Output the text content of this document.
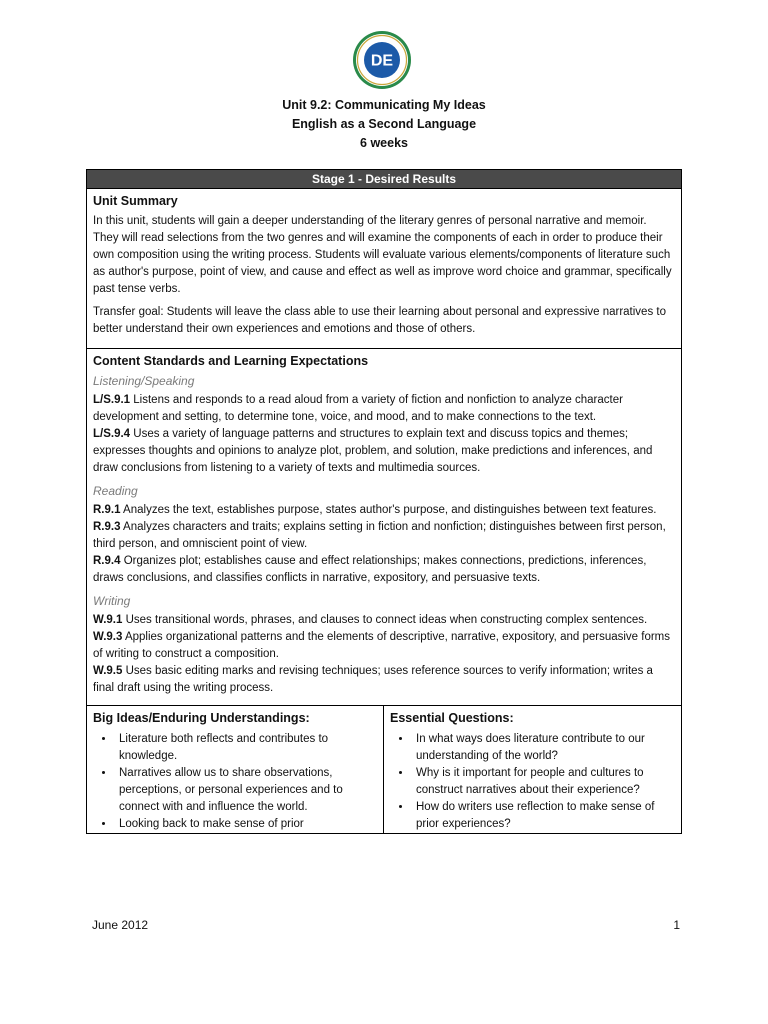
DE
Unit 9.2: Communicating My Ideas
English as a Second Language
6 weeks
Stage 1 - Desired Results
Unit Summary

In this unit, students will gain a deeper understanding of the literary genres of personal narrative and memoir. They will read selections from the two genres and will examine the components of each in order to produce their own composition using the writing process. Students will evaluate various elements/components of literature such as author's purpose, point of view, and cause and effect as well as improve word choice and grammar, specifically past tense verbs.

Transfer goal: Students will leave the class able to use their learning about personal and expressive narratives to better understand their own experiences and emotions and those of others.

Content Standards and Learning Expectations
Listening/Speaking

L/S.9.1 Listens and responds to a read aloud from a variety of fiction and nonfiction to analyze character development and setting, to determine tone, voice, and mood, and to make connections to the text.

L/S.9.4 Uses a variety of language patterns and structures to explain text and discuss topics and themes; expresses thoughts and opinions to analyze plot, problem, and solution, make predictions and inferences, and draw conclusions from listening to a variety of texts and multimedia sources.

Reading

R.9.1 Analyzes the text, establishes purpose, states author's purpose, and distinguishes between text features.

R.9.3 Analyzes characters and traits; explains setting in fiction and nonfiction; distinguishes between first person, third person, and omniscient point of view.

R.9.4 Organizes plot; establishes cause and effect relationships; makes connections, predictions, inferences, draws conclusions, and classifies conflicts in narrative, expository, and persuasive texts.

Writing

W.9.1 Uses transitional words, phrases, and clauses to connect ideas when constructing complex sentences.

W.9.3 Applies organizational patterns and the elements of descriptive, narrative, expository, and persuasive forms of writing to construct a composition.

W.9.5 Uses basic editing marks and revising techniques; uses reference sources to verify information; writes a final draft using the writing process.

Big Ideas/Enduring Understandings:
• Literature both reflects and contributes to knowledge.
• Narratives allow us to share observations, perceptions, or personal experiences and to connect with and influence the world.
• Looking back to make sense of prior
Essential Questions:
• In what ways does literature contribute to our understanding of the world?
• Why is it important for people and cultures to construct narratives about their experience?
• How do writers use reflection to make sense of prior experiences?
June 2012	1
